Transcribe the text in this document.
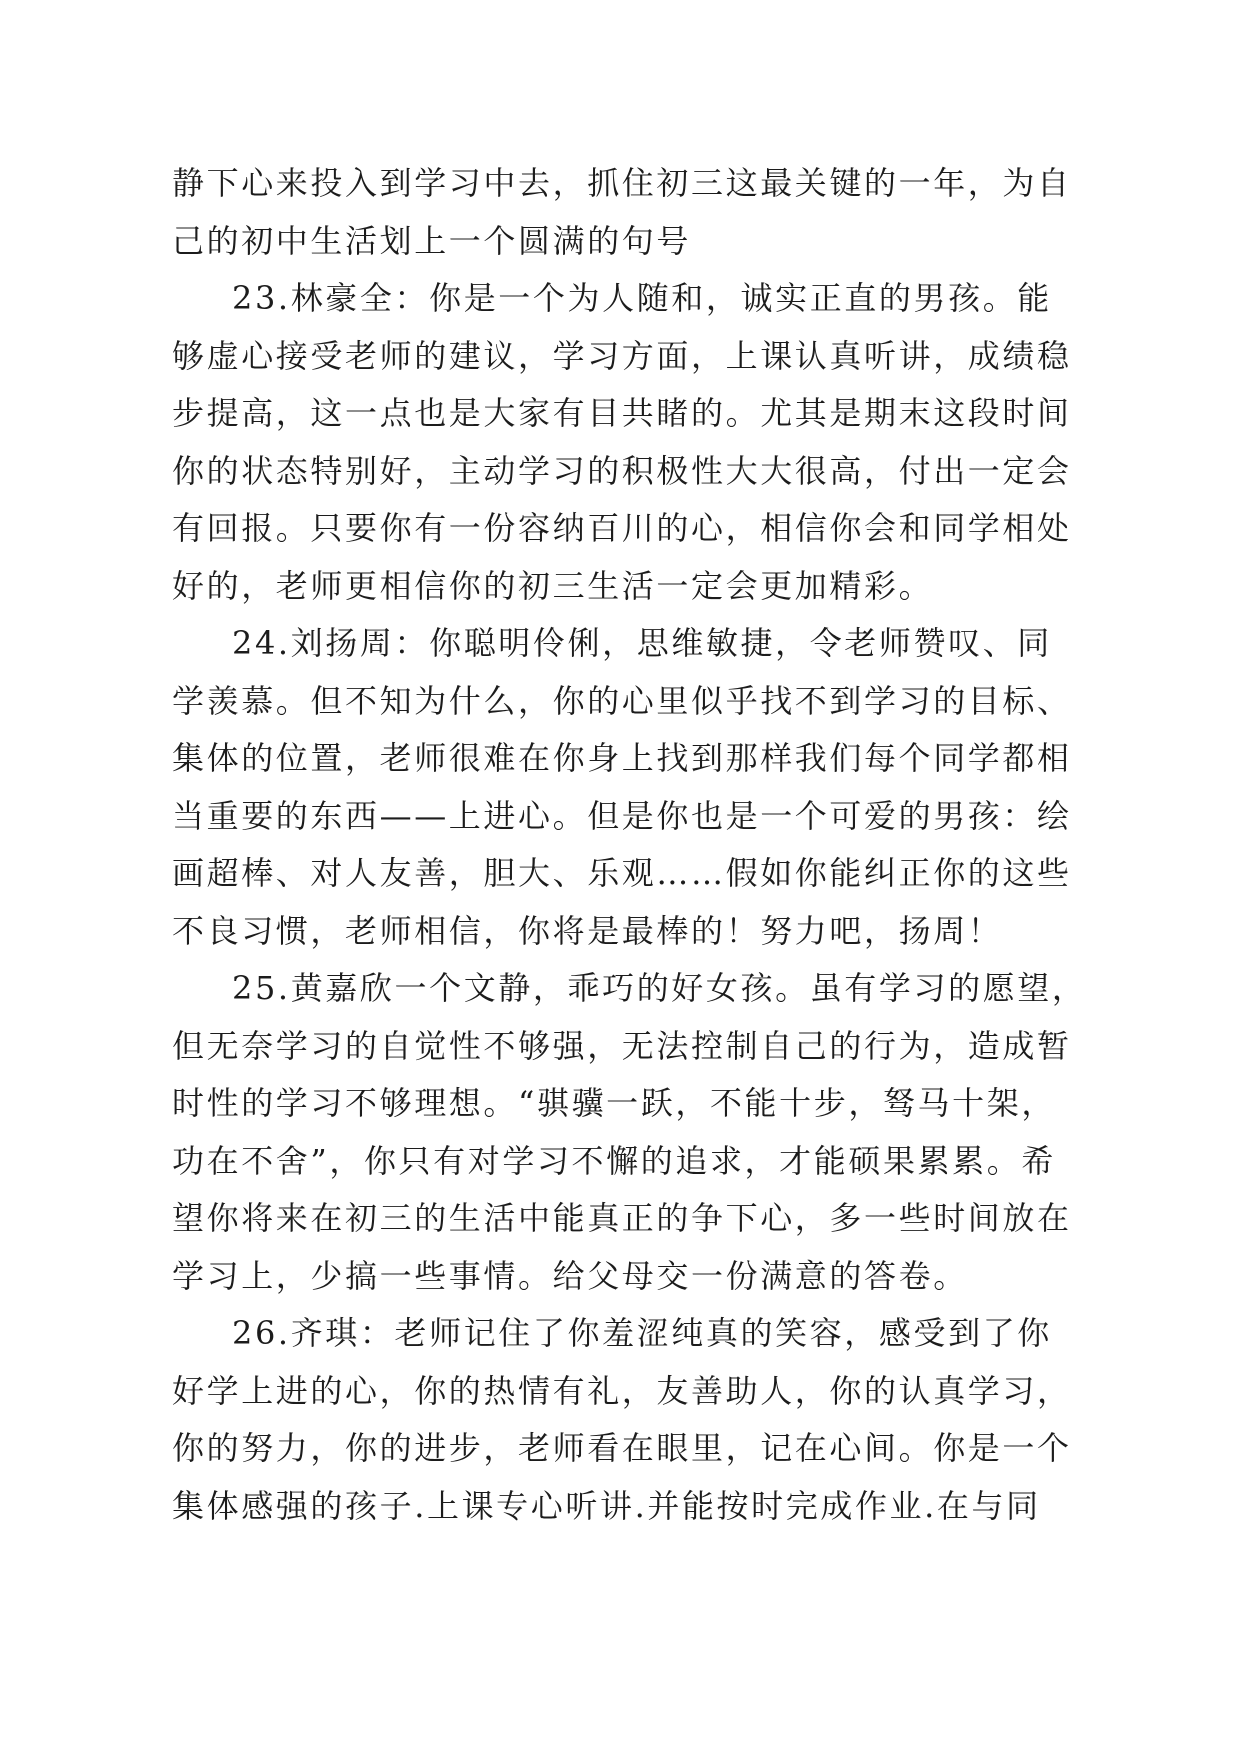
静下心来投入到学习中去，抓住初三这最关键的一年，为自
己的初中生活划上一个圆满的句号
23.林豪全：你是一个为人随和，诚实正直的男孩。能
够虚心接受老师的建议，学习方面，上课认真听讲，成绩稳
步提高，这一点也是大家有目共睹的。尤其是期末这段时间
你的状态特别好，主动学习的积极性大大很高，付出一定会
有回报。只要你有一份容纳百川的心，相信你会和同学相处
好的，老师更相信你的初三生活一定会更加精彩。
24.刘扬周：你聪明伶俐，思维敏捷，令老师赞叹、同
学羡慕。但不知为什么，你的心里似乎找不到学习的目标、
集体的位置，老师很难在你身上找到那样我们每个同学都相
当重要的东西——上进心。但是你也是一个可爱的男孩：绘
画超棒、对人友善，胆大、乐观……假如你能纠正你的这些
不良习惯，老师相信，你将是最棒的！努力吧，扬周！
25.黄嘉欣一个文静，乖巧的好女孩。虽有学习的愿望，
但无奈学习的自觉性不够强，无法控制自己的行为，造成暂
时性的学习不够理想。“骐骥一跃，不能十步，驽马十架，
功在不舍”，你只有对学习不懈的追求，才能硕果累累。希
望你将来在初三的生活中能真正的争下心，多一些时间放在
学习上，少搞一些事情。给父母交一份满意的答卷。
26.齐琪：老师记住了你羞涩纯真的笑容，感受到了你
好学上进的心，你的热情有礼，友善助人，你的认真学习，
你的努力，你的进步，老师看在眼里，记在心间。你是一个
集体感强的孩子.上课专心听讲.并能按时完成作业.在与同
